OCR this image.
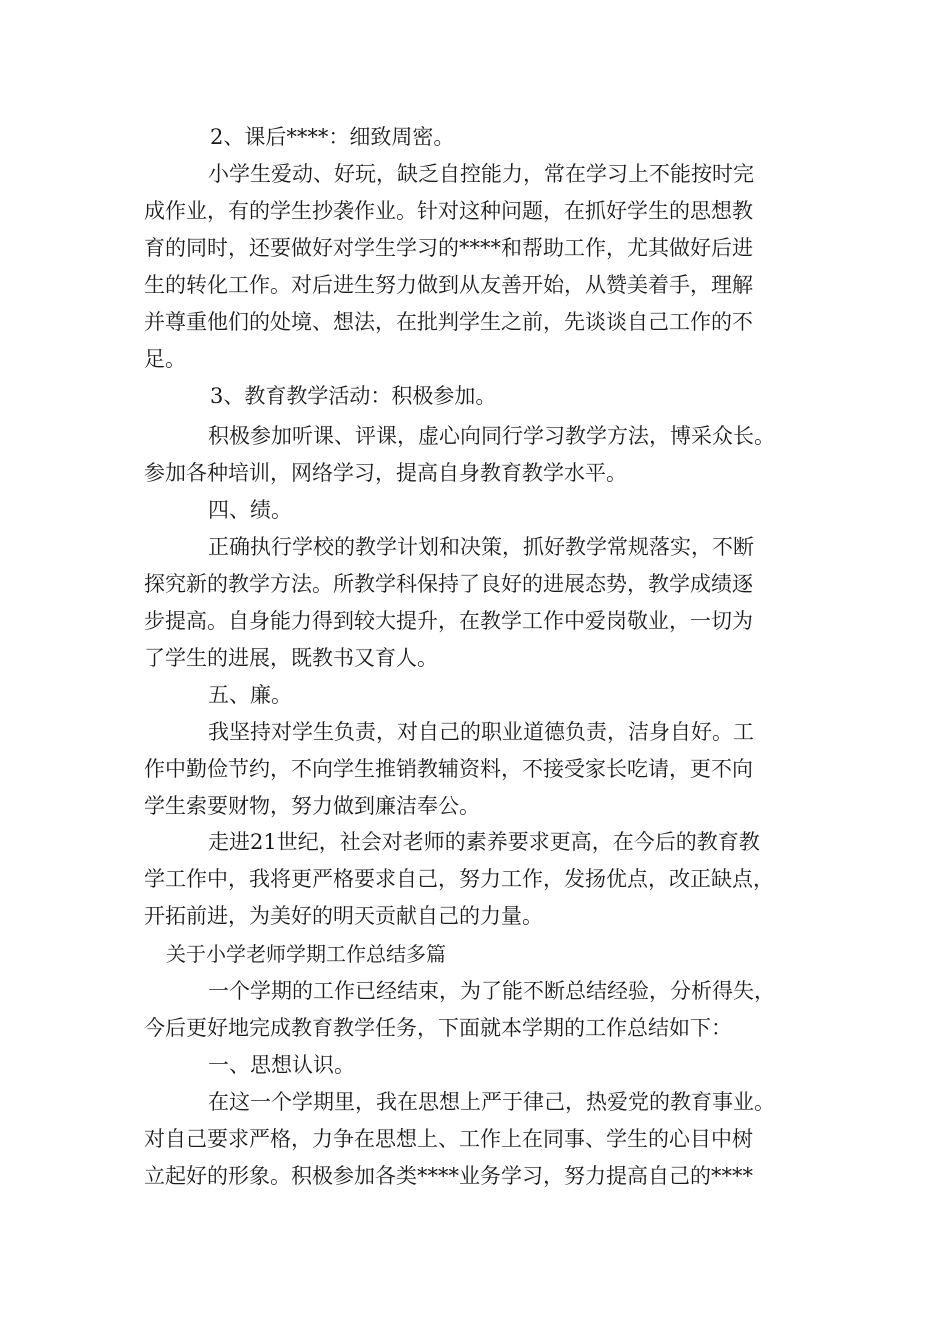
2、课后****：细致周密。
小学生爱动、好玩，缺乏自控能力，常在学习上不能按时完
成作业，有的学生抄袭作业。针对这种问题，在抓好学生的思想教
育的同时，还要做好对学生学习的****和帮助工作，尤其做好后进
生的转化工作。对后进生努力做到从友善开始，从赞美着手，理解
并尊重他们的处境、想法，在批判学生之前，先谈谈自己工作的不
足。
3、教育教学活动：积极参加。
积极参加听课、评课，虚心向同行学习教学方法，博采众长。
参加各种培训，网络学习，提高自身教育教学水平。
四、绩。
正确执行学校的教学计划和决策，抓好教学常规落实，不断
探究新的教学方法。所教学科保持了良好的进展态势，教学成绩逐
步提高。自身能力得到较大提升，在教学工作中爱岗敬业，一切为
了学生的进展，既教书又育人。
五、廉。
我坚持对学生负责，对自己的职业道德负责，洁身自好。工
作中勤俭节约，不向学生推销教辅资料，不接受家长吃请，更不向
学生索要财物，努力做到廉洁奉公。
走进21世纪，社会对老师的素养要求更高，在今后的教育教
学工作中，我将更严格要求自己，努力工作，发扬优点，改正缺点，
开拓前进，为美好的明天贡献自己的力量。
关于小学老师学期工作总结多篇
一个学期的工作已经结束，为了能不断总结经验，分析得失，
今后更好地完成教育教学任务，下面就本学期的工作总结如下：
一、思想认识。
在这一个学期里，我在思想上严于律己，热爱党的教育事业。
对自己要求严格，力争在思想上、工作上在同事、学生的心目中树
立起好的形象。积极参加各类****业务学习，努力提高自己的****
